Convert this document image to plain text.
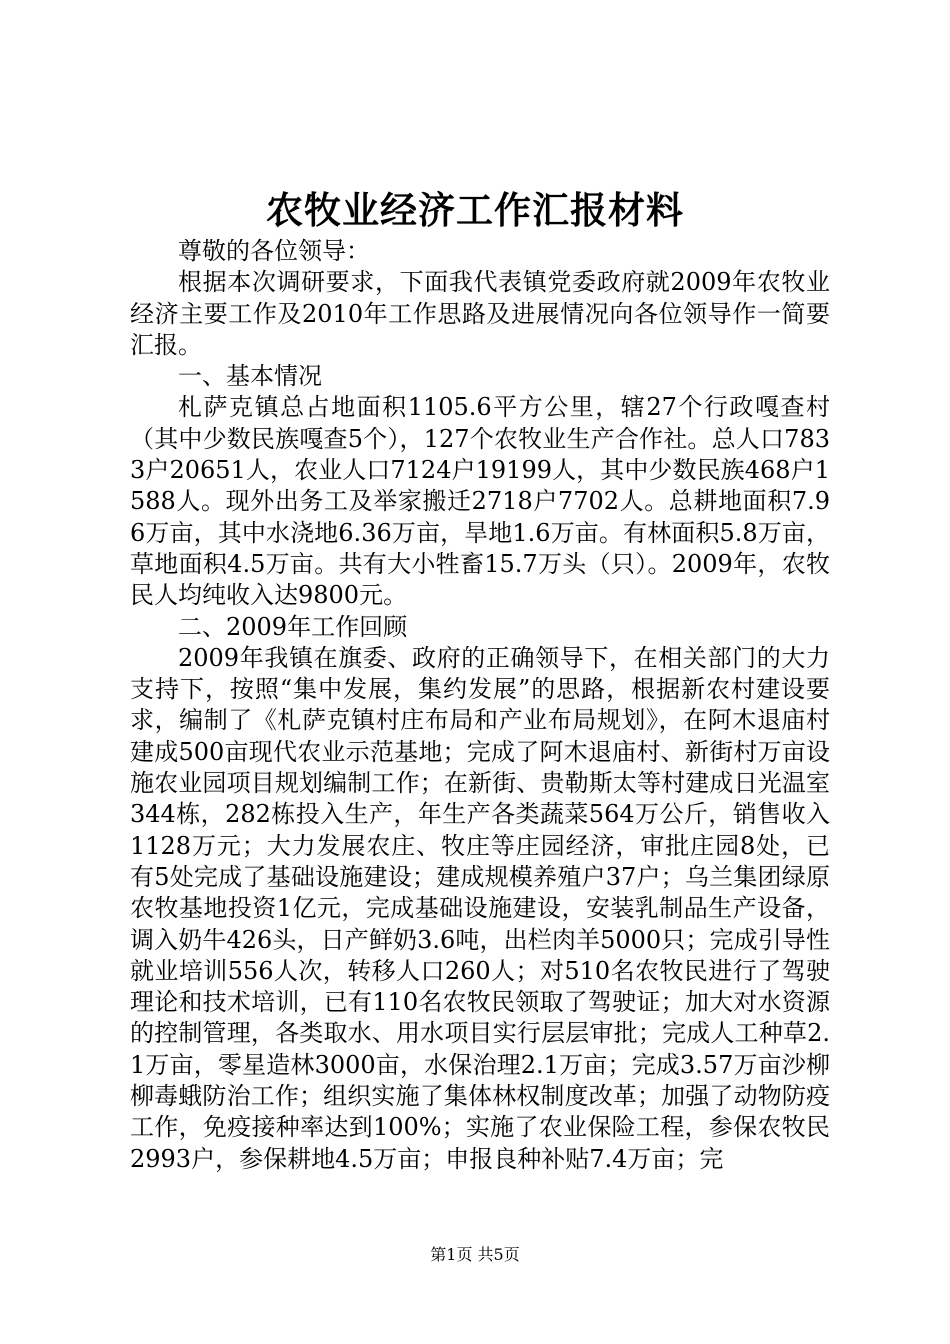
农牧业经济工作汇报材料

尊敬的各位领导：

根据本次调研要求，下面我代表镇党委政府就2009年农牧业经济主要工作及2010年工作思路及进展情况向各位领导作一简要汇报。

一、基本情况

札萨克镇总占地面积1105.6平方公里，辖27个行政嘎查村（其中少数民族嘎查5个），127个农牧业生产合作社。总人口7833户20651人，农业人口7124户19199人，其中少数民族468户1588人。现外出务工及举家搬迁2718户7702人。总耕地面积7.96万亩，其中水浇地6.36万亩，旱地1.6万亩。有林面积5.8万亩，草地面积4.5万亩。共有大小牲畜15.7万头（只）。2009年，农牧民人均纯收入达9800元。

二、2009年工作回顾

2009年我镇在旗委、政府的正确领导下，在相关部门的大力支持下，按照“集中发展，集约发展”的思路，根据新农村建设要求，编制了《札萨克镇村庄布局和产业布局规划》，在阿木退庙村建成500亩现代农业示范基地；完成了阿木退庙村、新街村万亩设施农业园项目规划编制工作；在新街、贵勒斯太等村建成日光温室344栋，282栋投入生产，年生产各类蔬菜564万公斤，销售收入1128万元；大力发展农庄、牧庄等庄园经济，审批庄园8处，已有5处完成了基础设施建设；建成规模养殖户37户；乌兰集团绿原农牧基地投资1亿元，完成基础设施建设，安装乳制品生产设备，调入奶牛426头，日产鲜奶3.6吨，出栏肉羊5000只；完成引导性就业培训556人次，转移人口260人；对510名农牧民进行了驾驶理论和技术培训，已有110名农牧民领取了驾驶证；加大对水资源的控制管理，各类取水、用水项目实行层层审批；完成人工种草2.1万亩，零星造林3000亩，水保治理2.1万亩；完成3.57万亩沙柳柳毒蛾防治工作；组织实施了集体林权制度改革；加强了动物防疫工作，免疫接种率达到100%；实施了农业保险工程，参保农牧民2993户，参保耕地4.5万亩；申报良种补贴7.4万亩；完

第1页 共5页
